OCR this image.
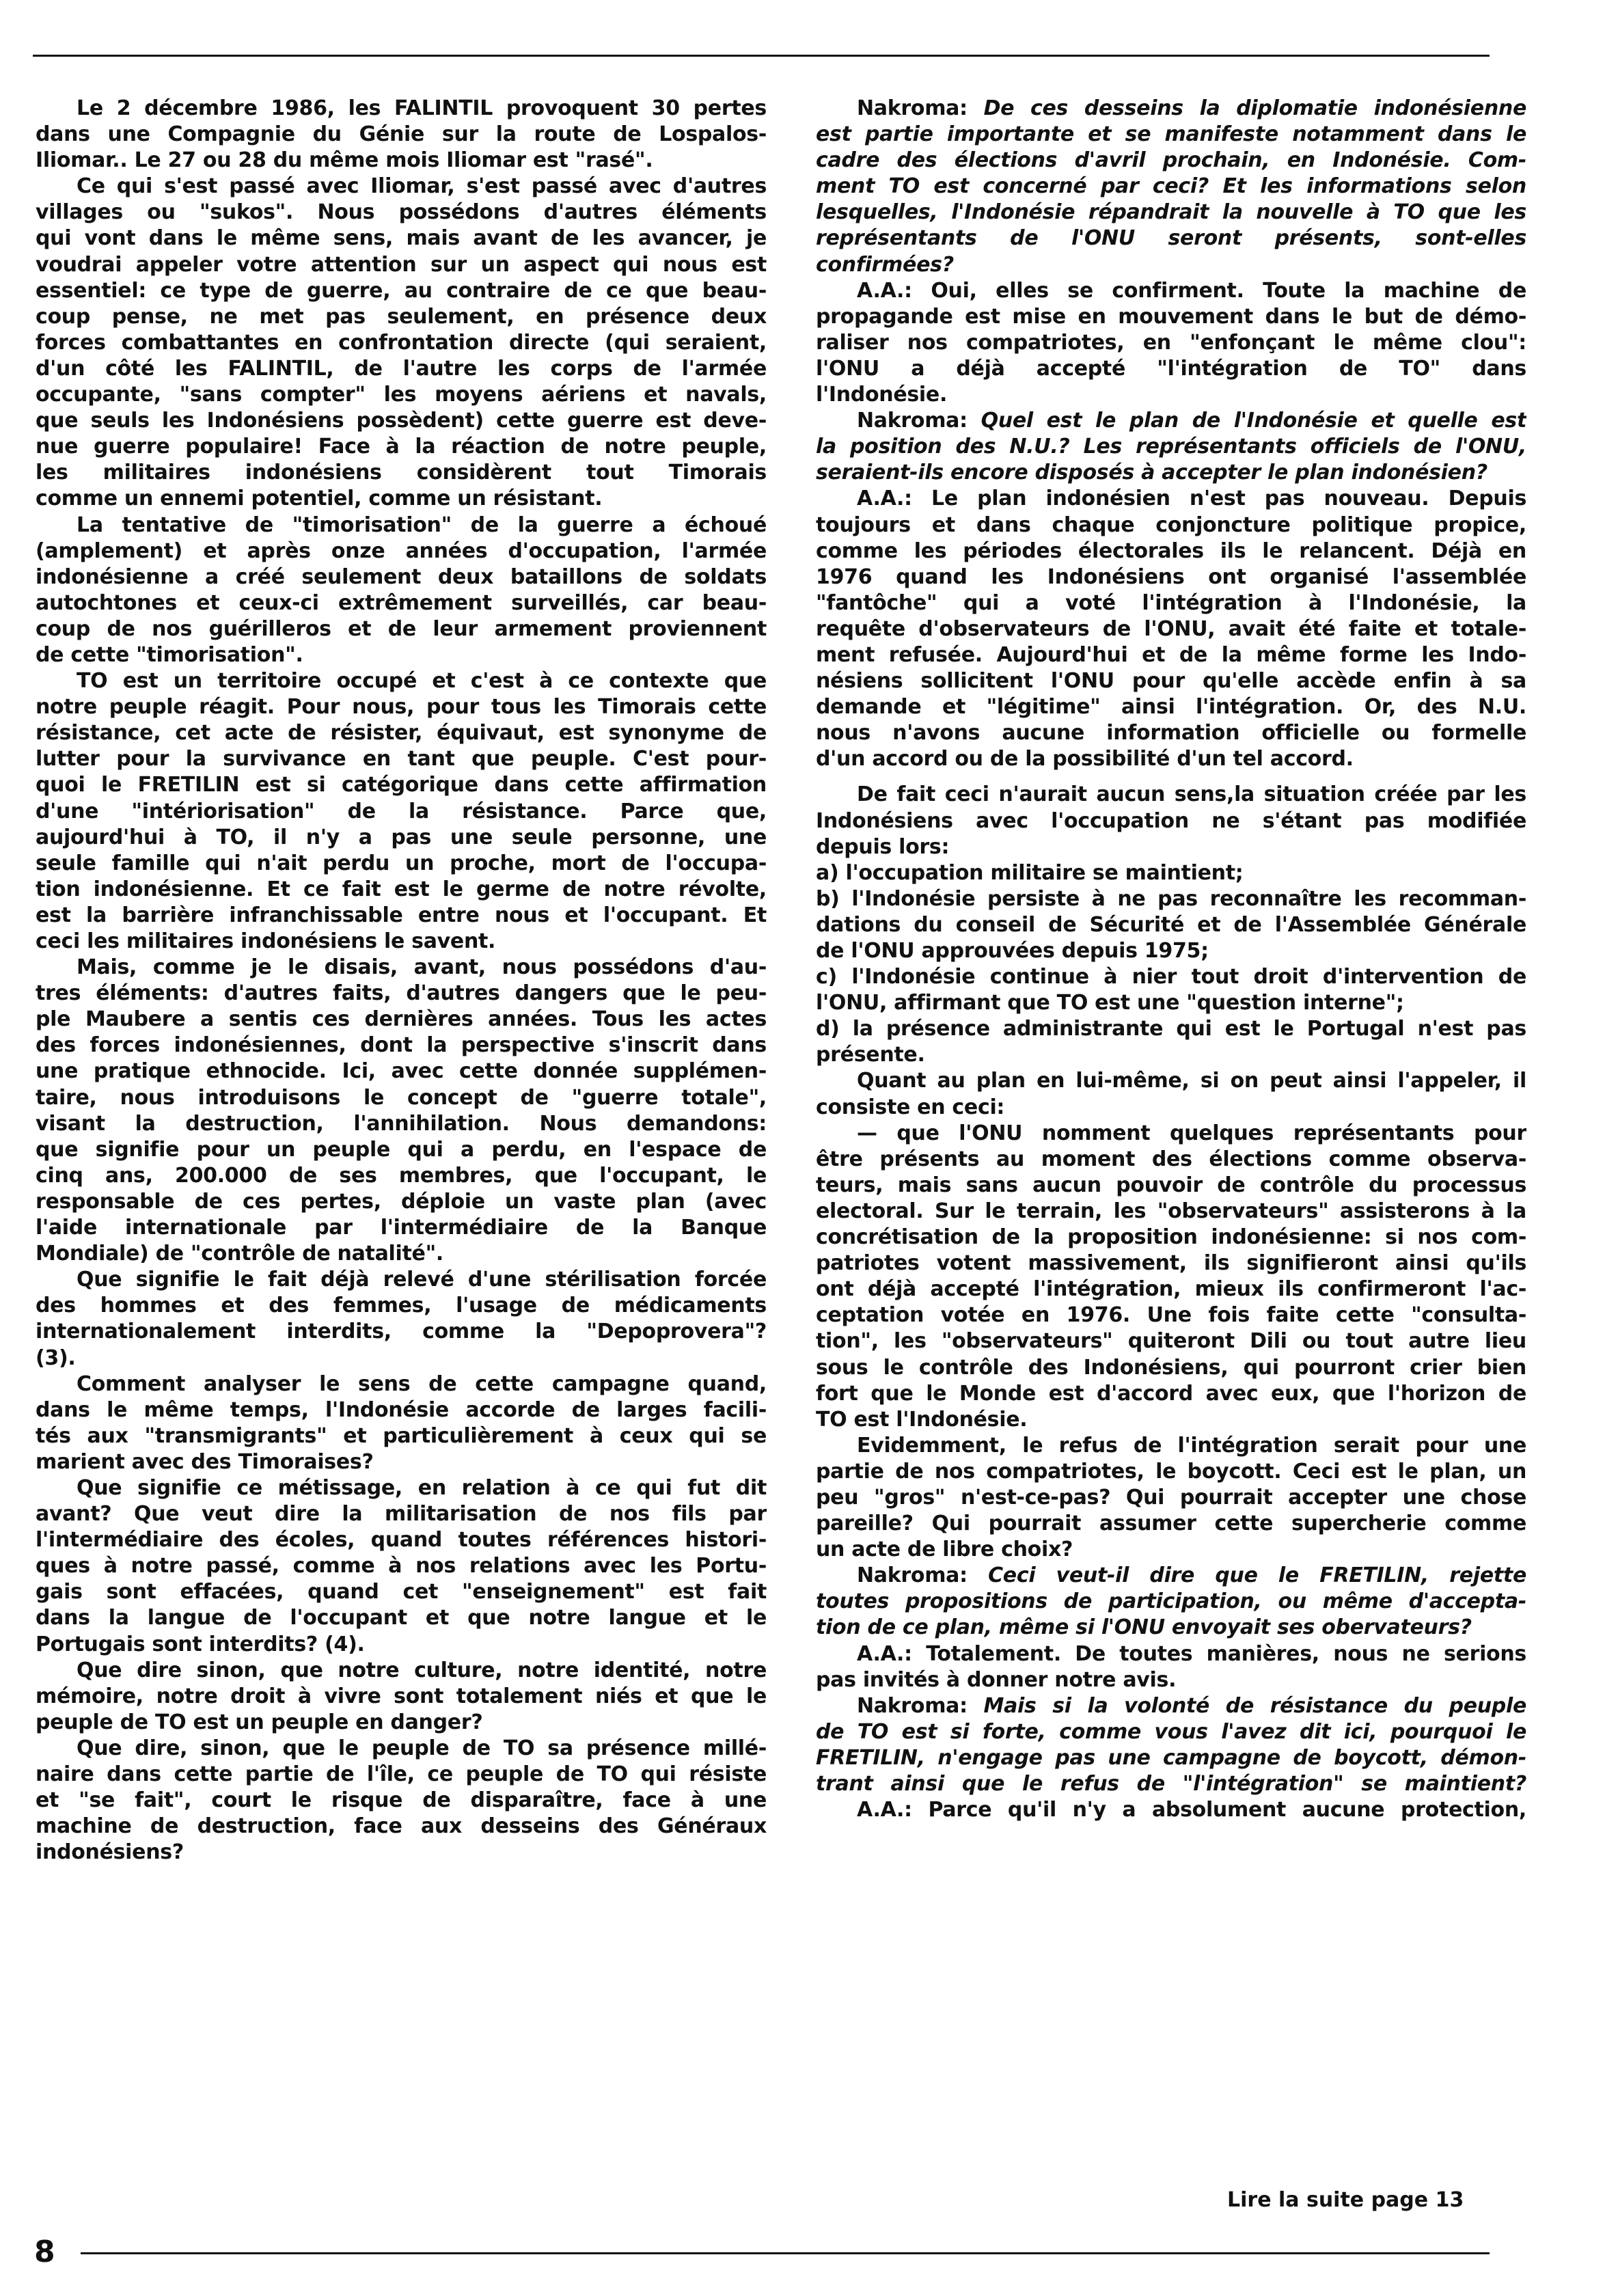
Le 2 décembre 1986, les FALINTIL provoquent 30 pertes
dans une Compagnie du Génie sur la route de Lospalos-
Iliomar.. Le 27 ou 28 du même mois Iliomar est "rasé".
Ce qui s'est passé avec Iliomar, s'est passé avec d'autres
villages ou "sukos". Nous possédons d'autres éléments
qui vont dans le même sens, mais avant de les avancer, je
voudrai appeler votre attention sur un aspect qui nous est
essentiel: ce type de guerre, au contraire de ce que beau-
coup pense, ne met pas seulement, en présence deux
forces combattantes en confrontation directe (qui seraient,
d'un côté les FALINTIL, de l'autre les corps de l'armée
occupante, "sans compter" les moyens aériens et navals,
que seuls les Indonésiens possèdent) cette guerre est deve-
nue guerre populaire! Face à la réaction de notre peuple,
les militaires indonésiens considèrent tout Timorais
comme un ennemi potentiel, comme un résistant.
La tentative de "timorisation" de la guerre a échoué
(amplement) et après onze années d'occupation, l'armée
indonésienne a créé seulement deux bataillons de soldats
autochtones et ceux-ci extrêmement surveillés, car beau-
coup de nos guérilleros et de leur armement proviennent
de cette "timorisation".
TO est un territoire occupé et c'est à ce contexte que
notre peuple réagit. Pour nous, pour tous les Timorais cette
résistance, cet acte de résister, équivaut, est synonyme de
lutter pour la survivance en tant que peuple. C'est pour-
quoi le FRETILIN est si catégorique dans cette affirmation
d'une "intériorisation" de la résistance. Parce que,
aujourd'hui à TO, il n'y a pas une seule personne, une
seule famille qui n'ait perdu un proche, mort de l'occupa-
tion indonésienne. Et ce fait est le germe de notre révolte,
est la barrière infranchissable entre nous et l'occupant. Et
ceci les militaires indonésiens le savent.
Mais, comme je le disais, avant, nous possédons d'au-
tres éléments: d'autres faits, d'autres dangers que le peu-
ple Maubere a sentis ces dernières années. Tous les actes
des forces indonésiennes, dont la perspective s'inscrit dans
une pratique ethnocide. Ici, avec cette donnée supplémen-
taire, nous introduisons le concept de "guerre totale",
visant la destruction, l'annihilation. Nous demandons:
que signifie pour un peuple qui a perdu, en l'espace de
cinq ans, 200.000 de ses membres, que l'occupant, le
responsable de ces pertes, déploie un vaste plan (avec
l'aide internationale par l'intermédiaire de la Banque
Mondiale) de "contrôle de natalité".
Que signifie le fait déjà relevé d'une stérilisation forcée
des hommes et des femmes, l'usage de médicaments
internationalement interdits, comme la "Depoprovera"?
(3).
Comment analyser le sens de cette campagne quand,
dans le même temps, l'Indonésie accorde de larges facili-
tés aux "transmigrants" et particulièrement à ceux qui se
marient avec des Timoraises?
Que signifie ce métissage, en relation à ce qui fut dit
avant? Que veut dire la militarisation de nos fils par
l'intermédiaire des écoles, quand toutes références histori-
ques à notre passé, comme à nos relations avec les Portu-
gais sont effacées, quand cet "enseignement" est fait
dans la langue de l'occupant et que notre langue et le
Portugais sont interdits? (4).
Que dire sinon, que notre culture, notre identité, notre
mémoire, notre droit à vivre sont totalement niés et que le
peuple de TO est un peuple en danger?
Que dire, sinon, que le peuple de TO sa présence millé-
naire dans cette partie de l'île, ce peuple de TO qui résiste
et "se fait", court le risque de disparaître, face à une
machine de destruction, face aux desseins des Généraux
indonésiens?
Nakroma: De ces desseins la diplomatie indonésienne
est partie importante et se manifeste notamment dans le
cadre des élections d'avril prochain, en Indonésie. Com-
ment TO est concerné par ceci? Et les informations selon
lesquelles, l'Indonésie répandrait la nouvelle à TO que les
représentants de l'ONU seront présents, sont-elles
confirmées?
A.A.: Oui, elles se confirment. Toute la machine de
propagande est mise en mouvement dans le but de démo-
raliser nos compatriotes, en "enfonçant le même clou":
l'ONU a déjà accepté "l'intégration de TO" dans
l'Indonésie.
Nakroma: Quel est le plan de l'Indonésie et quelle est
la position des N.U.? Les représentants officiels de l'ONU,
seraient-ils encore disposés à accepter le plan indonésien?
A.A.: Le plan indonésien n'est pas nouveau. Depuis
toujours et dans chaque conjoncture politique propice,
comme les périodes électorales ils le relancent. Déjà en
1976 quand les Indonésiens ont organisé l'assemblée
"fantôche" qui a voté l'intégration à l'Indonésie, la
requête d'observateurs de l'ONU, avait été faite et totale-
ment refusée. Aujourd'hui et de la même forme les Indo-
nésiens sollicitent l'ONU pour qu'elle accède enfin à sa
demande et "légitime" ainsi l'intégration. Or, des N.U.
nous n'avons aucune information officielle ou formelle
d'un accord ou de la possibilité d'un tel accord.
De fait ceci n'aurait aucun sens,la situation créée par les
Indonésiens avec l'occupation ne s'étant pas modifiée
depuis lors:
a) l'occupation militaire se maintient;
b) l'Indonésie persiste à ne pas reconnaître les recomman-
dations du conseil de Sécurité et de l'Assemblée Générale
de l'ONU approuvées depuis 1975;
c) l'Indonésie continue à nier tout droit d'intervention de
l'ONU, affirmant que TO est une "question interne";
d) la présence administrante qui est le Portugal n'est pas
présente.
Quant au plan en lui-même, si on peut ainsi l'appeler, il
consiste en ceci:
— que l'ONU nomment quelques représentants pour
être présents au moment des élections comme observa-
teurs, mais sans aucun pouvoir de contrôle du processus
electoral. Sur le terrain, les "observateurs" assisterons à la
concrétisation de la proposition indonésienne: si nos com-
patriotes votent massivement, ils signifieront ainsi qu'ils
ont déjà accepté l'intégration, mieux ils confirmeront l'ac-
ceptation votée en 1976. Une fois faite cette "consulta-
tion", les "observateurs" quiteront Dili ou tout autre lieu
sous le contrôle des Indonésiens, qui pourront crier bien
fort que le Monde est d'accord avec eux, que l'horizon de
TO est l'Indonésie.
Evidemment, le refus de l'intégration serait pour une
partie de nos compatriotes, le boycott. Ceci est le plan, un
peu "gros" n'est-ce-pas? Qui pourrait accepter une chose
pareille? Qui pourrait assumer cette supercherie comme
un acte de libre choix?
Nakroma: Ceci veut-il dire que le FRETILIN, rejette
toutes propositions de participation, ou même d'accepta-
tion de ce plan, même si l'ONU envoyait ses obervateurs?
A.A.: Totalement. De toutes manières, nous ne serions
pas invités à donner notre avis.
Nakroma: Mais si la volonté de résistance du peuple
de TO est si forte, comme vous l'avez dit ici, pourquoi le
FRETILIN, n'engage pas une campagne de boycott, démon-
trant ainsi que le refus de "l'intégration" se maintient?
A.A.: Parce qu'il n'y a absolument aucune protection,
Lire la suite page 13
8
